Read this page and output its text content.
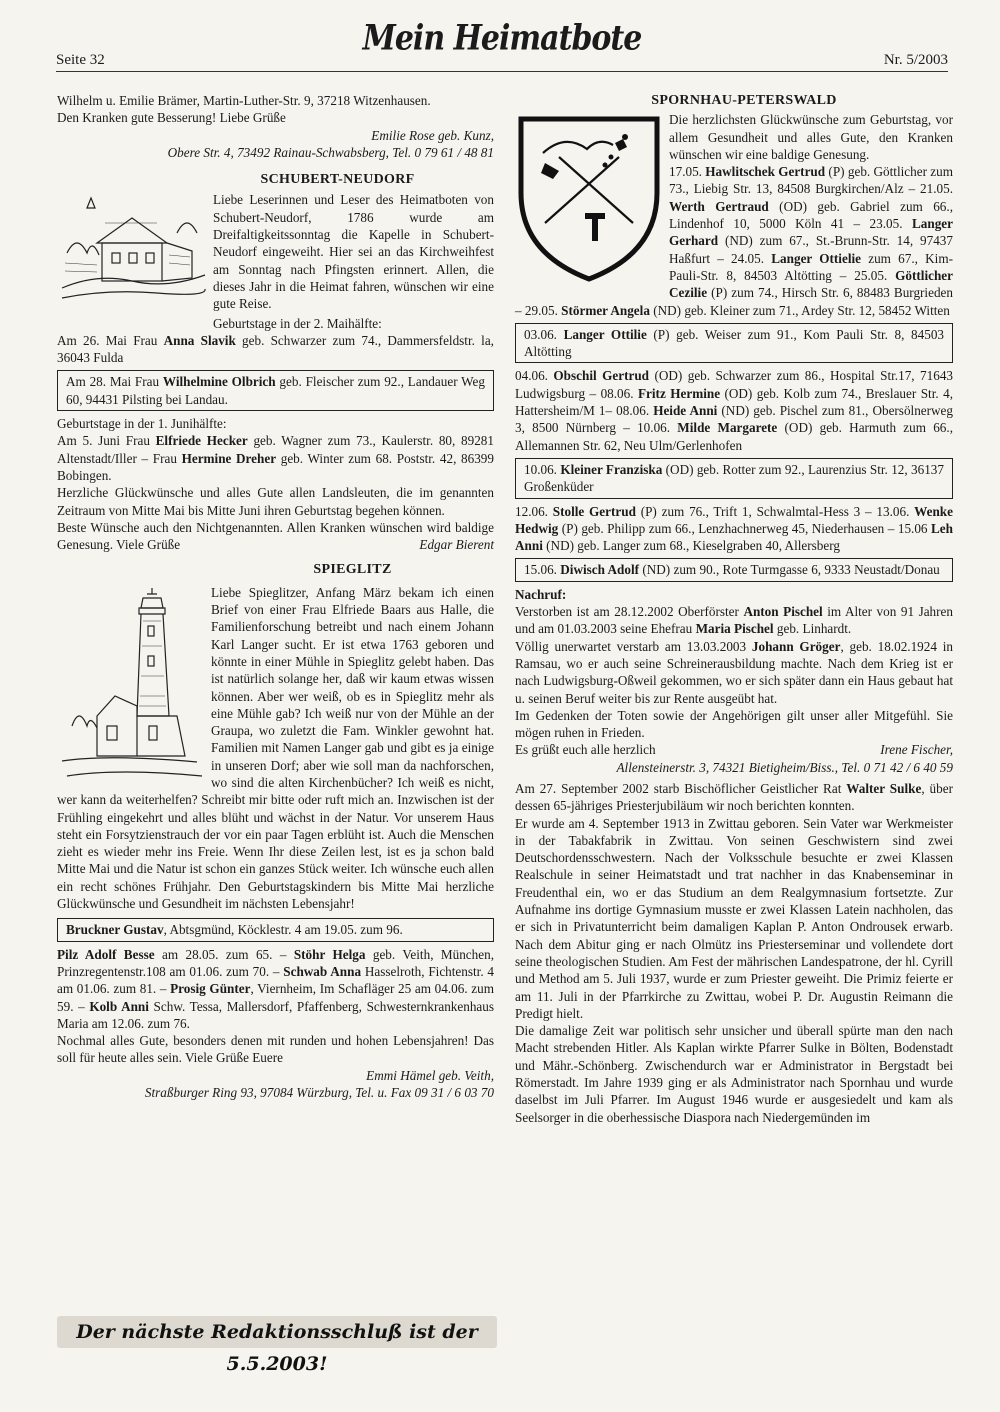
Seite 32
Mein Heimatbote
Nr. 5/2003

Wilhelm u. Emilie Brämer, Martin-Luther-Str. 9, 37218 Witzenhausen.

Den Kranken gute Besserung! Liebe Grüße

Emilie Rose geb. Kunz,

Obere Str. 4, 73492 Rainau-Schwabsberg, Tel. 0 79 61 / 48 81

SCHUBERT-NEUDORF

Liebe Leserinnen und Leser des Heimatboten von Schubert-Neudorf, 1786 wurde am Dreifaltigkeitssonntag die Kapelle in Schubert-Neudorf eingeweiht. Hier sei an das Kirchweihfest am Sonntag nach Pfingsten erinnert. Allen, die dieses Jahr in die Heimat fahren, wünschen wir eine gute Reise.

Geburtstage in der 2. Maihälfte:

Am 26. Mai Frau Anna Slavik geb. Schwarzer zum 74., Dammersfeldstr. la, 36043 Fulda

Am 28. Mai Frau Wilhelmine Olbrich geb. Fleischer zum 92., Landauer Weg 60, 94431 Pilsting bei Landau.

Geburtstage in der 1. Junihälfte:

Am 5. Juni Frau Elfriede Hecker geb. Wagner zum 73., Kaulerstr. 80, 89281 Altenstadt/Iller – Frau Hermine Dreher geb. Winter zum 68. Poststr. 42, 86399 Bobingen.

Herzliche Glückwünsche und alles Gute allen Landsleuten, die im genannten Zeitraum von Mitte Mai bis Mitte Juni ihren Geburtstag begehen können.

Beste Wünsche auch den Nichtgenannten. Allen Kranken wünschen wird baldige Genesung. Viele Grüße	Edgar Bierent

SPIEGLITZ

Liebe Spieglitzer, Anfang März bekam ich einen Brief von einer Frau Elfriede Baars aus Halle, die Familienforschung betreibt und nach einem Johann Karl Langer sucht. Er ist etwa 1763 geboren und könnte in einer Mühle in Spieglitz gelebt haben. Das ist natürlich solange her, daß wir kaum etwas wissen können. Aber wer weiß, ob es in Spieglitz mehr als eine Mühle gab? Ich weiß nur von der Mühle an der Graupa, wo zuletzt die Fam. Winkler gewohnt hat. Familien mit Namen Langer gab und gibt es ja einige in unseren Dorf; aber wie soll man da nachforschen, wo sind die alten Kirchenbücher? Ich weiß es nicht, wer kann da weiterhelfen? Schreibt mir bitte oder ruft mich an. Inzwischen ist der Frühling eingekehrt und alles blüht und wächst in der Natur. Vor unserem Haus steht ein Forsytzienstrauch der vor ein paar Tagen erblüht ist. Auch die Menschen zieht es wieder mehr ins Freie. Wenn Ihr diese Zeilen lest, ist es ja schon bald Mitte Mai und die Natur ist schon ein ganzes Stück weiter. Ich wünsche euch allen ein recht schönes Frühjahr. Den Geburtstagskindern bis Mitte Mai herzliche Glückwünsche und Gesundheit im nächsten Lebensjahr!

Bruckner Gustav, Abtsgmünd, Köcklestr. 4 am 19.05. zum 96.

Pilz Adolf Besse am 28.05. zum 65. – Stöhr Helga geb. Veith, München, Prinzregentenstr.108 am 01.06. zum 70. – Schwab Anna Hasselroth, Fichtenstr. 4 am 01.06. zum 81. – Prosig Günter, Viernheim, Im Schafläger 25 am 04.06. zum 59. – Kolb Anni Schw. Tessa, Mallersdorf, Pfaffenberg, Schwesternkrankenhaus Maria am 12.06. zum 76.

Nochmal alles Gute, besonders denen mit runden und hohen Lebensjahren! Das soll für heute alles sein. Viele Grüße Euere

Emmi Hämel geb. Veith,

Straßburger Ring 93, 97084 Würzburg, Tel. u. Fax 09 31 / 6 03 70

SPORNHAU-PETERSWALD

Die herzlichsten Glückwünsche zum Geburtstag, vor allem Gesundheit und alles Gute, den Kranken wünschen wir eine baldige Genesung.

17.05. Hawlitschek Gertrud (P) geb. Göttlicher zum 73., Liebig Str. 13, 84508 Burgkirchen/Alz – 21.05. Werth Gertraud (OD) geb. Gabriel zum 66., Lindenhof 10, 5000 Köln 41 – 23.05. Langer Gerhard (ND) zum 67., St.-Brunn-Str. 14, 97437 Haßfurt – 24.05. Langer Ottielie zum 67., Kim-Pauli-Str. 8, 84503 Altötting – 25.05. Göttlicher Cezilie (P) zum 74., Hirsch Str. 6, 88483 Burgrieden – 29.05. Störmer Angela (ND) geb. Kleiner zum 71., Ardey Str. 12, 58452 Witten

03.06. Langer Ottilie (P) geb. Weiser zum 91., Kom Pauli Str. 8, 84503 Altötting

04.06. Obschil Gertrud (OD) geb. Schwarzer zum 86., Hospital Str.17, 71643 Ludwigsburg – 08.06. Fritz Hermine (OD) geb. Kolb zum 74., Breslauer Str. 4, Hattersheim/M 1– 08.06. Heide Anni (ND) geb. Pischel zum 81., Obersölnerweg 3, 8500 Nürnberg – 10.06. Milde Margarete (OD) geb. Harmuth zum 66., Allemannen Str. 62, Neu Ulm/Gerlenhofen

10.06. Kleiner Franziska (OD) geb. Rotter zum 92., Laurenzius Str. 12, 36137 Großenküder

12.06. Stolle Gertrud (P) zum 76., Trift 1, Schwalmtal-Hess 3 – 13.06. Wenke Hedwig (P) geb. Philipp zum 66., Lenzhachnerweg 45, Niederhausen – 15.06 Leh Anni (ND) geb. Langer zum 68., Kieselgraben 40, Allersberg

15.06. Diwisch Adolf (ND) zum 90., Rote Turmgasse 6, 9333 Neustadt/Donau

Nachruf:

Verstorben ist am 28.12.2002 Oberförster Anton Pischel im Alter von 91 Jahren und am 01.03.2003 seine Ehefrau Maria Pischel geb. Linhardt.

Völlig unerwartet verstarb am 13.03.2003 Johann Gröger, geb. 18.02.1924 in Ramsau, wo er auch seine Schreinerausbildung machte. Nach dem Krieg ist er nach Ludwigsburg-Oßweil gekommen, wo er sich später dann ein Haus gebaut hat u. seinen Beruf weiter bis zur Rente ausgeübt hat.

Im Gedenken der Toten sowie der Angehörigen gilt unser aller Mitgefühl. Sie mögen ruhen in Frieden.

Es grüßt euch alle herzlich	Irene Fischer,

Allensteinerstr. 3, 74321 Bietigheim/Biss., Tel. 0 71 42 / 6 40 59

Am 27. September 2002 starb Bischöflicher Geistlicher Rat Walter Sulke, über dessen 65-jähriges Priesterjubiläum wir noch berichten konnten.

Er wurde am 4. September 1913 in Zwittau geboren. Sein Vater war Werkmeister in der Tabakfabrik in Zwittau. Von seinen Geschwistern sind zwei Deutschordensschwestern. Nach der Volksschule besuchte er zwei Klassen Realschule in seiner Heimatstadt und trat nachher in das Knabenseminar in Freudenthal ein, wo er das Studium an dem Realgymnasium fortsetzte. Zur Aufnahme ins dortige Gymnasium musste er zwei Klassen Latein nachholen, das er sich in Privatunterricht beim damaligen Kaplan P. Anton Ondrousek erwarb. Nach dem Abitur ging er nach Olmütz ins Priesterseminar und vollendete dort seine theologischen Studien. Am Fest der mährischen Landespatrone, der hl. Cyrill und Method am 5. Juli 1937, wurde er zum Priester geweiht. Die Primiz feierte er am 11. Juli in der Pfarrkirche zu Zwittau, wobei P. Dr. Augustin Reimann die Predigt hielt.

Die damalige Zeit war politisch sehr unsicher und überall spürte man den nach Macht strebenden Hitler. Als Kaplan wirkte Pfarrer Sulke in Bölten, Bodenstadt und Mähr.-Schönberg. Zwischendurch war er Administrator in Bergstadt bei Römerstadt. Im Jahre 1939 ging er als Administrator nach Spornhau und wurde daselbst im Juli Pfarrer. Im August 1946 wurde er ausgesiedelt und kam als Seelsorger in die oberhessische Diaspora nach Niedergemünden im

Der nächste Redaktionsschluß ist der 5.5.2003!
